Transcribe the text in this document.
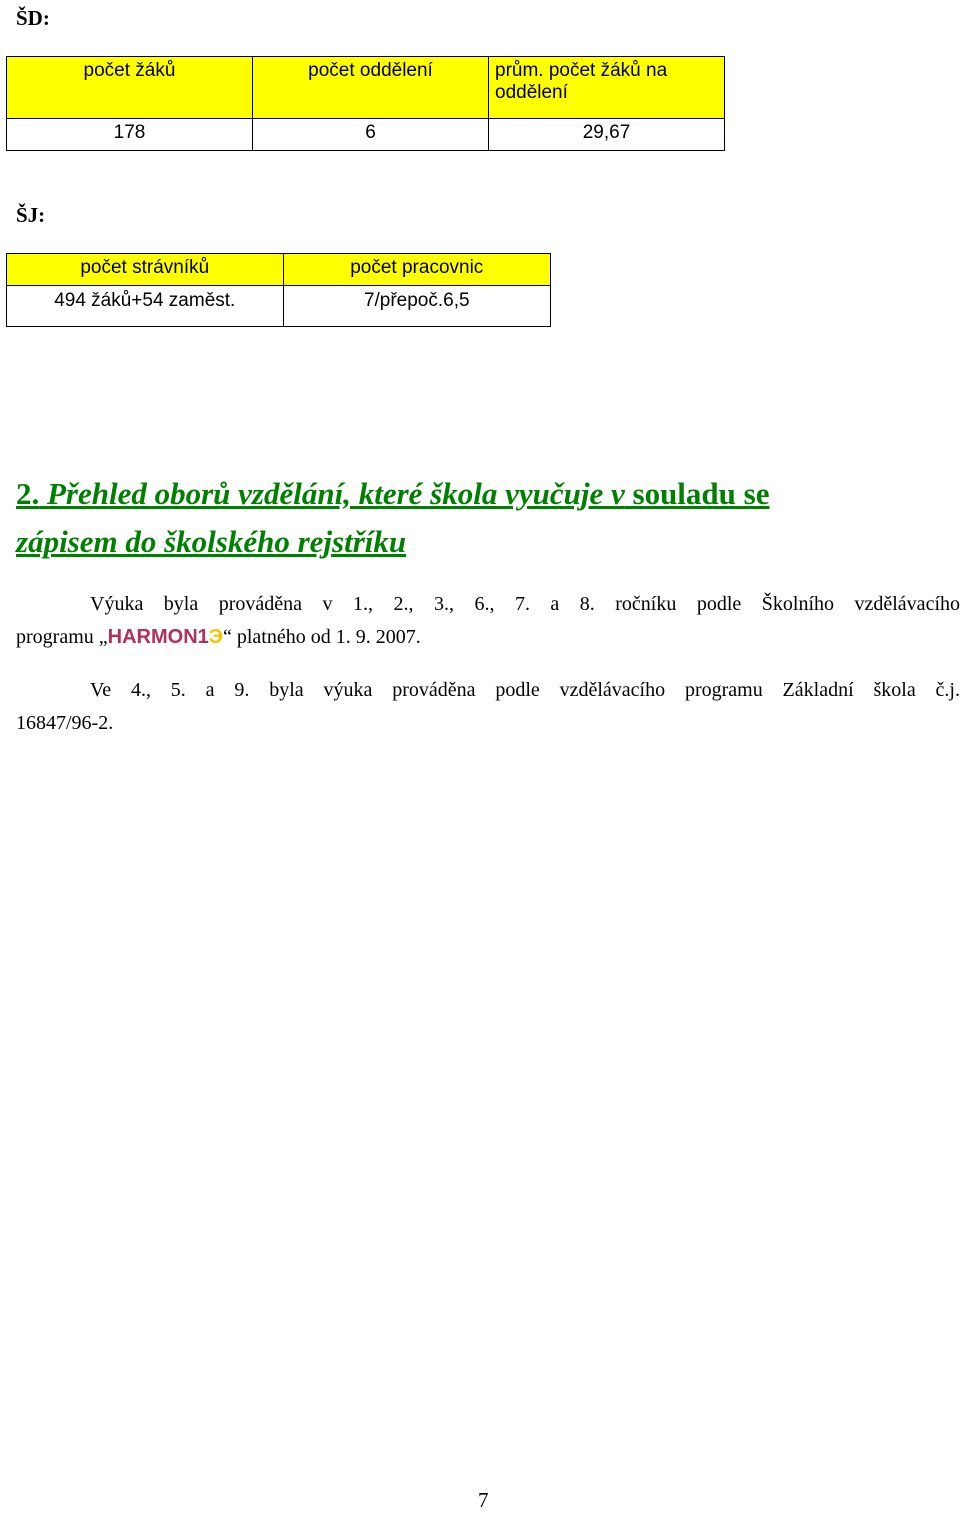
ŠD:
počet žáků	počet oddělení	prům. počet žáků na oddělení
178	6	29,67
ŠJ:
počet strávníků	počet pracovnic
494 žáků+54 zaměst.	7/přepoč.6,5
2. Přehled oborů vzdělání, které škola vyučuje v souladu se
zápisem do školského rejstříku
Výuka byla prováděna v 1., 2., 3., 6., 7. a 8. ročníku podle Školního vzdělávacího
programu „HARMON1Э“ platného od 1. 9. 2007.
Ve 4., 5. a 9. byla výuka prováděna podle vzdělávacího programu Základní škola č.j.
16847/96-2.
7
